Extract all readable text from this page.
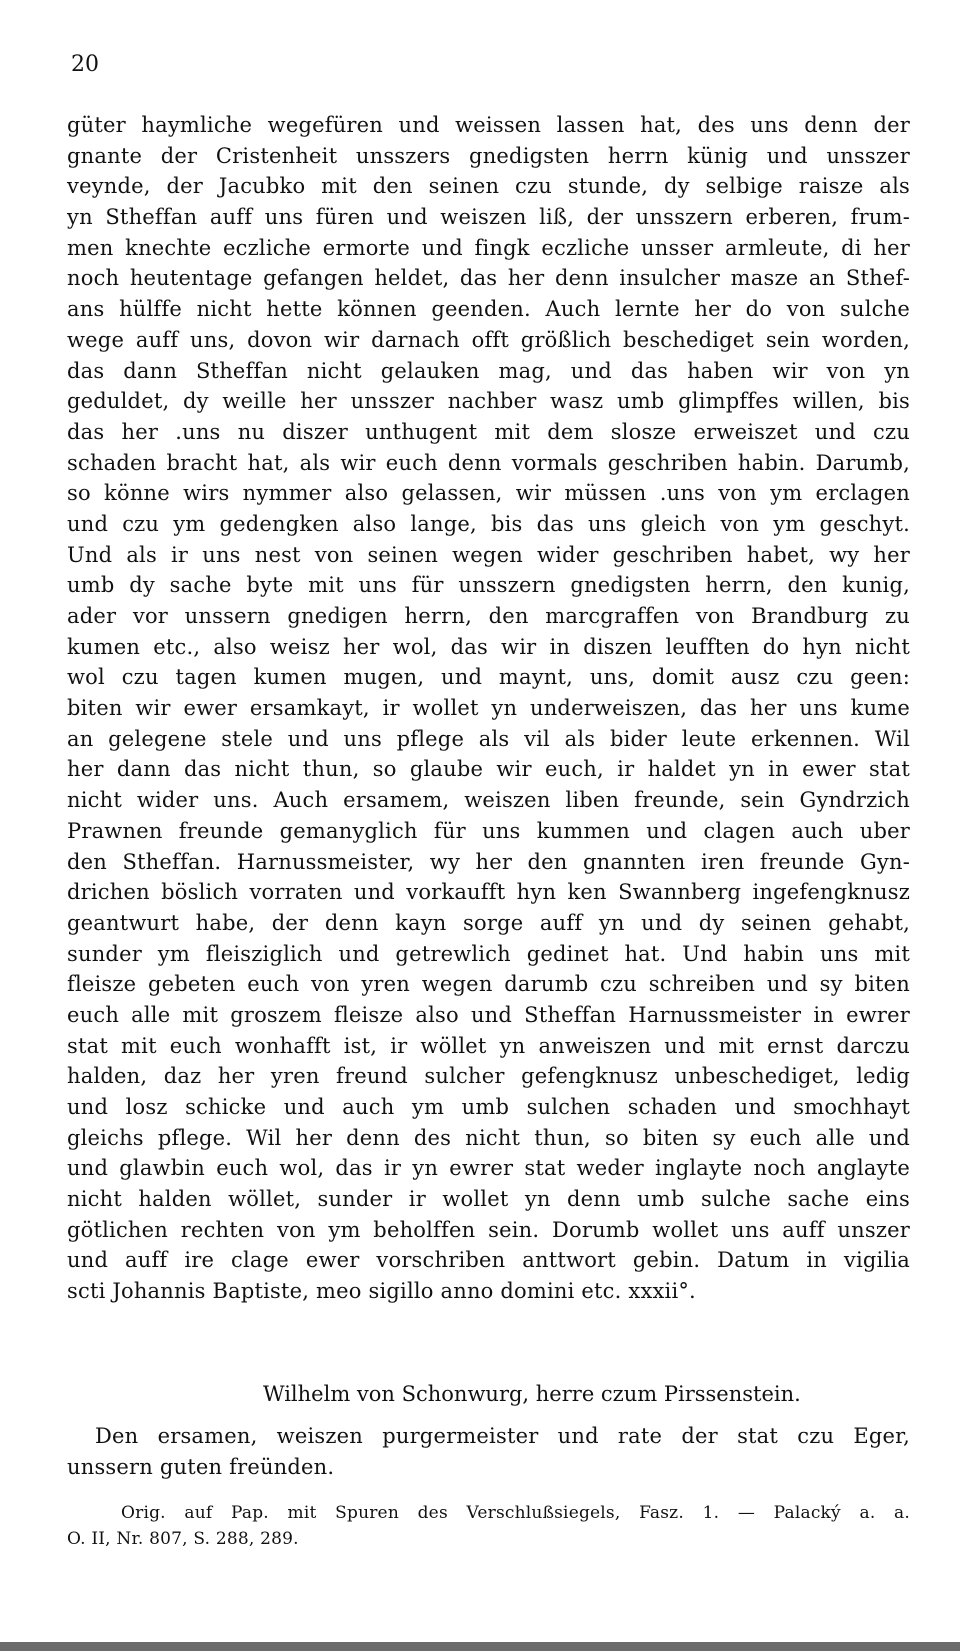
20
güter haymliche wegefüren und weissen lassen hat, des uns denn der
gnante der Cristenheit unsszers gnedigsten herrn künig und unsszer
veynde, der Jacubko mit den seinen czu stunde, dy selbige raisze als
yn Stheffan auff uns füren und weiszen liß, der unsszern erberen, frum-
men knechte eczliche ermorte und fingk eczliche unsser armleute, di her
noch heutentage gefangen heldet, das her denn insulcher masze an Sthef-
ans hülffe nicht hette können geenden. Auch lernte her do von sulche
wege auff uns, dovon wir darnach offt größlich beschediget sein worden,
das dann Stheffan nicht gelauken mag, und das haben wir von yn
geduldet, dy weille her unsszer nachber wasz umb glimpffes willen, bis
das her .uns nu diszer unthugent mit dem slosze erweiszet und czu
schaden bracht hat, als wir euch denn vormals geschriben habin. Darumb,
so könne wirs nymmer also gelassen, wir müssen .uns von ym erclagen
und czu ym gedengken also lange, bis das uns gleich von ym geschyt.
Und als ir uns nest von seinen wegen wider geschriben habet, wy her
umb dy sache byte mit uns für unsszern gnedigsten herrn, den kunig,
ader vor unssern gnedigen herrn, den marcgraffen von Brandburg zu
kumen etc., also weisz her wol, das wir in diszen leufften do hyn nicht
wol czu tagen kumen mugen, und maynt, uns, domit ausz czu geen:
biten wir ewer ersamkayt, ir wollet yn underweiszen, das her uns kume
an gelegene stele und uns pflege als vil als bider leute erkennen. Wil
her dann das nicht thun, so glaube wir euch, ir haldet yn in ewer stat
nicht wider uns. Auch ersamem, weiszen liben freunde, sein Gyndrzich
Prawnen freunde gemanyglich für uns kummen und clagen auch uber
den Stheffan. Harnussmeister, wy her den gnannten iren freunde Gyn-
drichen böslich vorraten und vorkaufft hyn ken Swannberg ingefengknusz
geantwurt habe, der denn kayn sorge auff yn und dy seinen gehabt,
sunder ym fleisziglich und getrewlich gedinet hat. Und habin uns mit
fleisze gebeten euch von yren wegen darumb czu schreiben und sy biten
euch alle mit groszem fleisze also und Stheffan Harnussmeister in ewrer
stat mit euch wonhafft ist, ir wöllet yn anweiszen und mit ernst darczu
halden, daz her yren freund sulcher gefengknusz unbeschediget, ledig
und losz schicke und auch ym umb sulchen schaden und smochhayt
gleichs pflege. Wil her denn des nicht thun, so biten sy euch alle und
und glawbin euch wol, das ir yn ewrer stat weder inglayte noch anglayte
nicht halden wöllet, sunder ir wollet yn denn umb sulche sache eins
götlichen rechten von ym beholffen sein. Dorumb wollet uns auff unszer
und auff ire clage ewer vorschriben anttwort gebin. Datum in vigilia
scti Johannis Baptiste, meo sigillo anno domini etc. xxxii°.
Wilhelm von Schonwurg, herre czum Pirssenstein.
Den ersamen, weiszen purgermeister und rate der stat czu Eger,
unssern guten freünden.
Orig. auf Pap. mit Spuren des Verschlußsiegels, Fasz. 1. — Palacký a. a.
O. II, Nr. 807, S. 288, 289.
